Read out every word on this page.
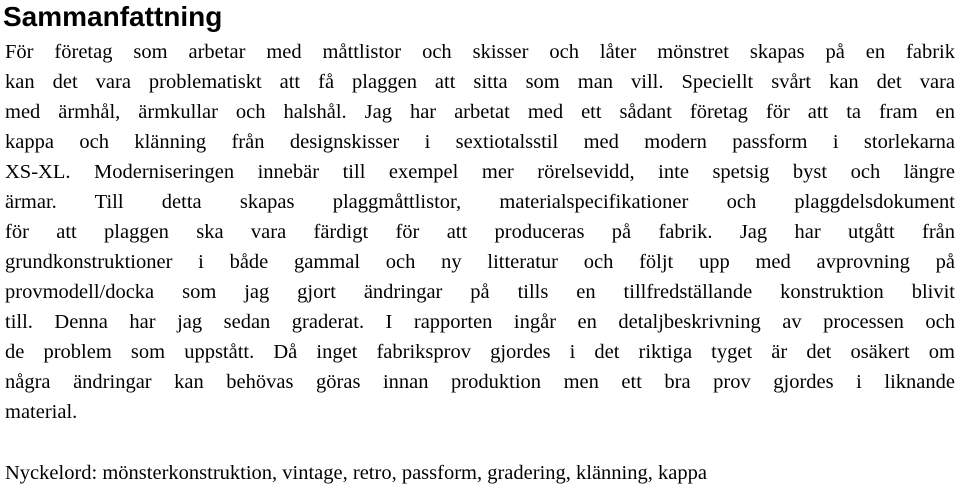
Sammanfattning

För företag som arbetar med måttlistor och skisser och låter mönstret skapas på en fabrik

kan det vara problematiskt att få plaggen att sitta som man vill. Speciellt svårt kan det vara

med ärmhål, ärmkullar och halshål. Jag har arbetat med ett sådant företag för att ta fram en

kappa och klänning från designskisser i sextiotalsstil med modern passform i storlekarna

XS-XL. Moderniseringen innebär till exempel mer rörelsevidd, inte spetsig byst och längre

ärmar. Till detta skapas plaggmåttlistor, materialspecifikationer och plaggdelsdokument

för att plaggen ska vara färdigt för att produceras på fabrik. Jag har utgått från

grundkonstruktioner i både gammal och ny litteratur och följt upp med avprovning på

provmodell/docka som jag gjort ändringar på tills en tillfredställande konstruktion blivit

till. Denna har jag sedan graderat. I rapporten ingår en detaljbeskrivning av processen och

de problem som uppstått. Då inget fabriksprov gjordes i det riktiga tyget är det osäkert om

några ändringar kan behövas göras innan produktion men ett bra prov gjordes i liknande

material.

Nyckelord: mönsterkonstruktion, vintage, retro, passform, gradering, klänning, kappa
